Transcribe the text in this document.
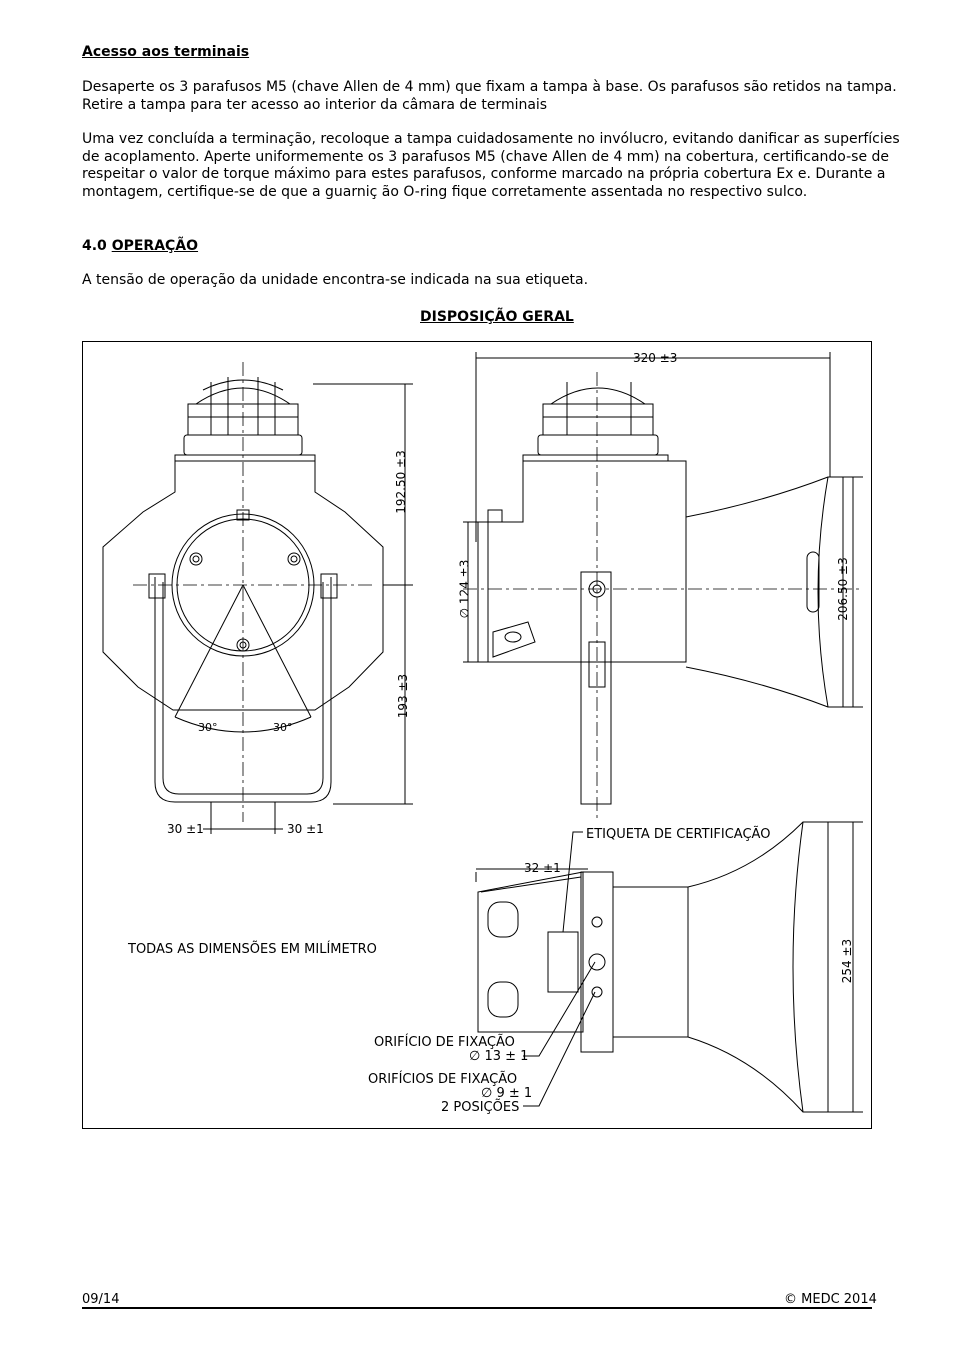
Acesso aos terminais
Desaperte os 3 parafusos M5 (chave Allen de 4 mm) que fixam a tampa à base. Os parafusos são retidos na tampa. Retire a tampa para ter acesso ao interior da câmara de terminais
Uma vez concluída a terminação, recoloque a tampa cuidadosamente no invólucro, evitando danificar as superfícies de acoplamento. Aperte uniformemente os 3 parafusos M5 (chave Allen de 4 mm) na cobertura, certificando-se de respeitar o valor de torque máximo para estes parafusos, conforme marcado na própria cobertura Ex e. Durante a montagem, certifique-se de que a guarniç ão O-ring fique corretamente assentada no respectivo sulco.
4.0 OPERAÇÃO
A tensão de operação da unidade encontra-se indicada na sua etiqueta.
DISPOSIÇÃO GERAL
320 ±3
192.50 ±3
193 ±3
∅ 124 ±3	206.50 ±3
254 ±3
30 ±1	30 ±1
30°	30°
32 ±1
ETIQUETA DE CERTIFICAÇÃO
TODAS AS DIMENSÕES EM MILÍMETRO
ORIFÍCIO DE FIXAÇÃO
∅ 13 ± 1
ORIFÍCIOS DE FIXAÇÃO
∅ 9 ± 1
2 POSIÇÕES
09/14	© MEDC 2014
